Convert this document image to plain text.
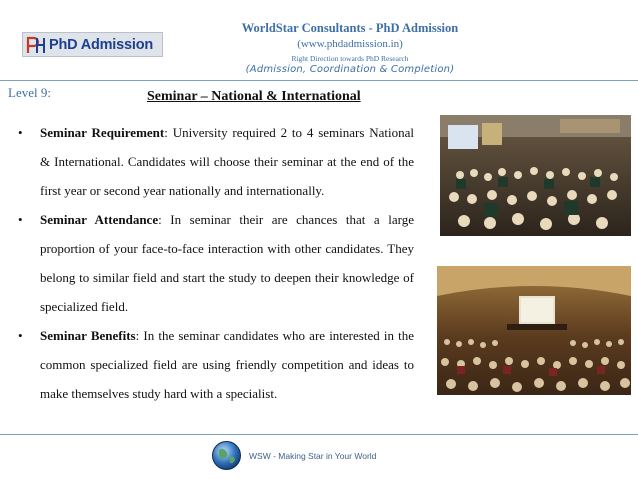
PhD Admission
WorldStar Consultants - PhD Admission
(www.phdadmission.in)
Right Direction towards PhD Research
(Admission, Coordination & Completion)
Level 9:	Seminar – National & International
• Seminar Requirement: University required 2 to 4 seminars National & International. Candidates will choose their seminar at the end of the first year or second year nationally and internationally.
• Seminar Attendance: In seminar their are chances that a large proportion of your face-to-face interaction with other candidates. They belong to similar field and start the study to deepen their knowledge of specialized field.
• Seminar Benefits: In the seminar candidates who are interested in the common specialized field are using friendly competition and ideas to make themselves study hard with a specialist.
WSW - Making Star in Your World
